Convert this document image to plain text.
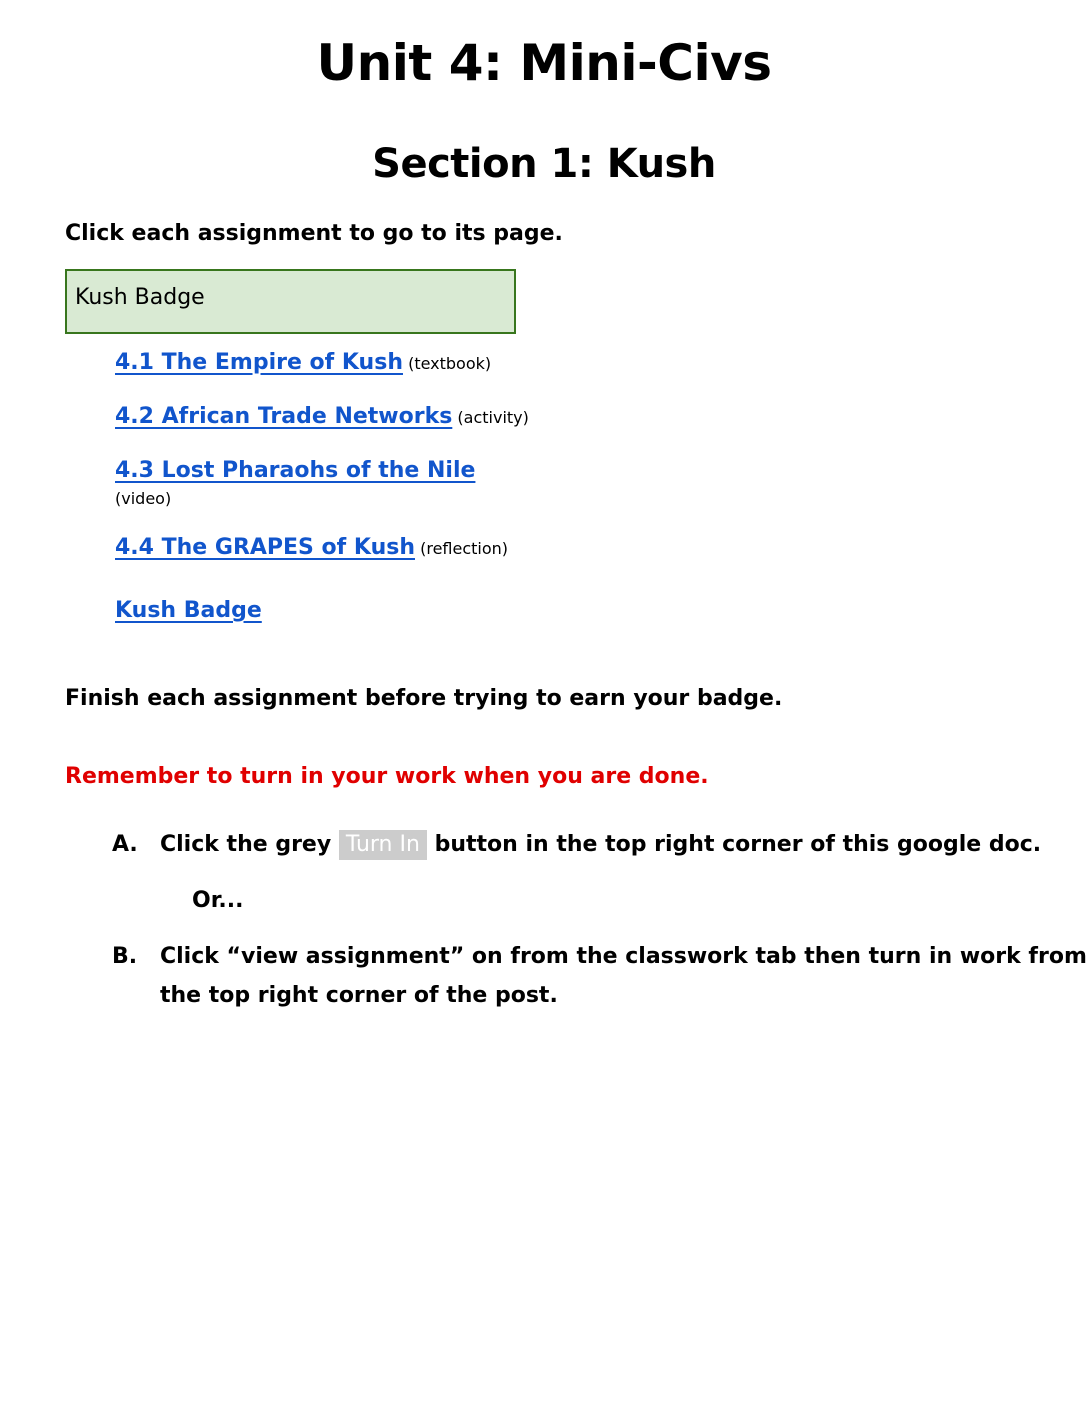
Unit 4: Mini-Civs
Section 1: Kush
Click each assignment to go to its page.
Kush Badge
4.1 The Empire of Kush (textbook)
4.2 African Trade Networks (activity)
4.3 Lost Pharaohs of the Nile
(video)
4.4 The GRAPES of Kush (reflection)
Kush Badge
Finish each assignment before trying to earn your badge.
Remember to turn in your work when you are done.
A. Click the grey Turn In button in the top right corner of this google doc.
Or...
B. Click “view assignment” on from the classwork tab then turn in work from
the top right corner of the post.
